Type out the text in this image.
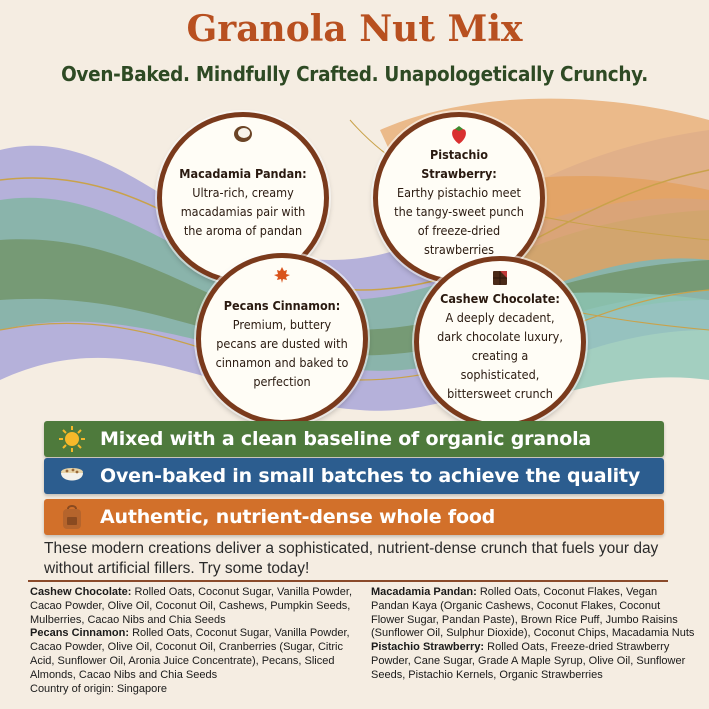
Granola Nut Mix
Oven-Baked. Mindfully Crafted. Unapologetically Crunchy.
Macadamia Pandan:
Ultra-rich, creamy macadamias pair with the aroma of pandan
Pistachio Strawberry:
Earthy pistachio meet the tangy-sweet punch of freeze-dried strawberries
Pecans Cinnamon:
Premium, buttery pecans are dusted with cinnamon and baked to perfection
Cashew Chocolate:
A deeply decadent, dark chocolate luxury, creating a sophisticated, bittersweet crunch
Mixed with a clean baseline of organic granola
Oven-baked in small batches to achieve the quality
Authentic, nutrient-dense whole food
These modern creations deliver a sophisticated, nutrient-dense crunch that fuels your day without artificial fillers. Try some today!
Cashew Chocolate: Rolled Oats, Coconut Sugar, Vanilla Powder, Cacao Powder, Olive Oil, Coconut Oil, Cashews, Pumpkin Seeds, Mulberries, Cacao Nibs and Chia Seeds
Pecans Cinnamon: Rolled Oats, Coconut Sugar, Vanilla Powder, Cacao Powder, Olive Oil, Coconut Oil, Cranberries (Sugar, Citric Acid, Sunflower Oil, Aronia Juice Concentrate), Pecans, Sliced Almonds, Cacao Nibs and Chia Seeds
Country of origin: Singapore
Macadamia Pandan: Rolled Oats, Coconut Flakes, Vegan Pandan Kaya (Organic Cashews, Coconut Flakes, Coconut Flower Sugar, Pandan Paste), Brown Rice Puff, Jumbo Raisins (Sunflower Oil, Sulphur Dioxide), Coconut Chips, Macadamia Nuts
Pistachio Strawberry: Rolled Oats, Freeze-dried Strawberry Powder, Cane Sugar, Grade A Maple Syrup, Olive Oil, Sunflower Seeds, Pistachio Kernels, Organic Strawberries
